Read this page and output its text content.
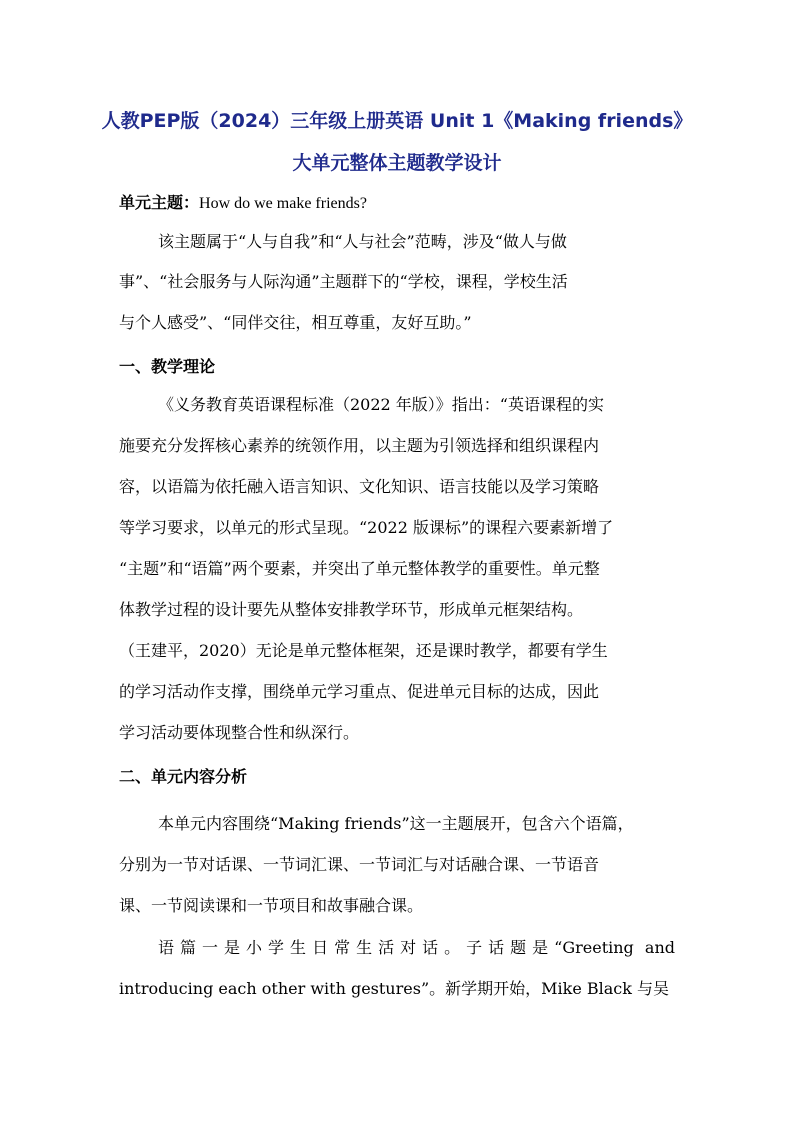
人教PEP版（2024）三年级上册英语 Unit 1《Making friends》
大单元整体主题教学设计
单元主题：How do we make friends?
该主题属于“人与自我”和“人与社会”范畴，涉及“做人与做
事”、“社会服务与人际沟通”主题群下的“学校，课程，学校生活
与个人感受”、“同伴交往，相互尊重，友好互助。”
一、教学理论
《义务教育英语课程标准（2022 年版）》指出：“英语课程的实
施要充分发挥核心素养的统领作用，以主题为引领选择和组织课程内
容，以语篇为依托融入语言知识、文化知识、语言技能以及学习策略
等学习要求，以单元的形式呈现。“2022 版课标”的课程六要素新增了
“主题”和“语篇”两个要素，并突出了单元整体教学的重要性。单元整
体教学过程的设计要先从整体安排教学环节，形成单元框架结构。
（王建平，2020）无论是单元整体框架，还是课时教学，都要有学生
的学习活动作支撑，围绕单元学习重点、促进单元目标的达成，因此
学习活动要体现整合性和纵深行。
二、单元内容分析
本单元内容围绕“Making friends”这一主题展开，包含六个语篇，
分别为一节对话课、一节词汇课、一节词汇与对话融合课、一节语音
课、一节阅读课和一节项目和故事融合课。
语篇一是小学生日常生活对话。子话题是“Greeting and
introducing each other with gestures”。新学期开始，Mike Black 与吴
